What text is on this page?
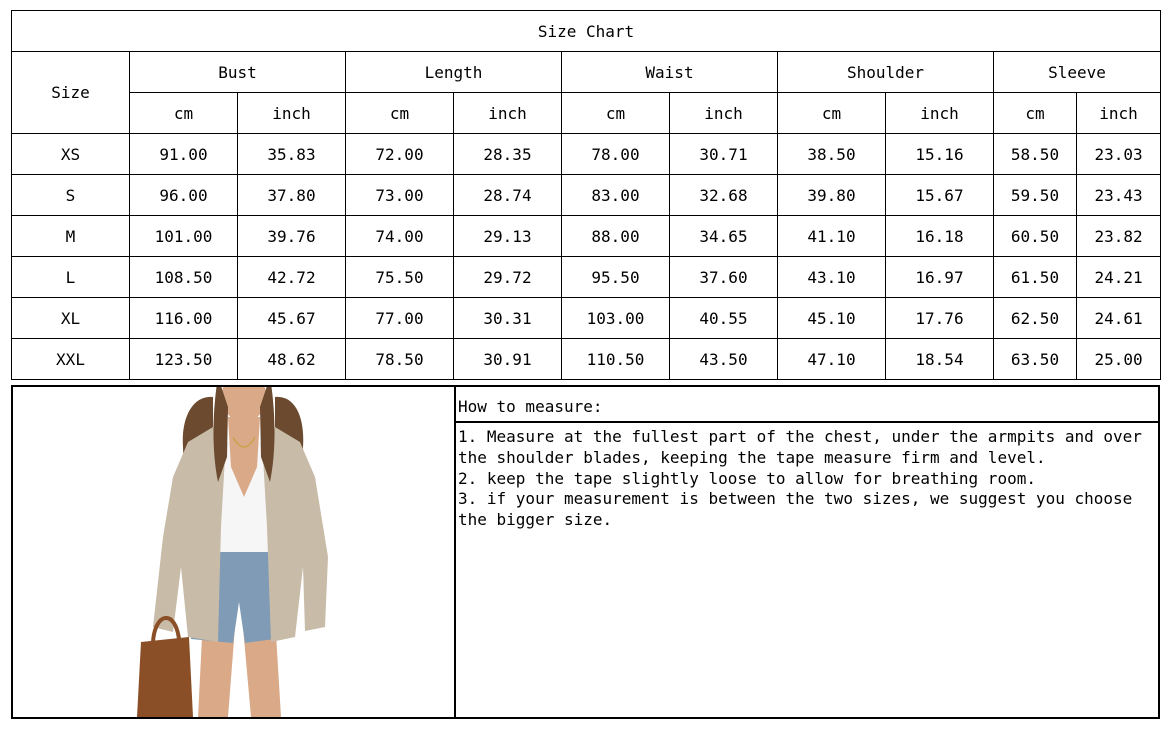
Size Chart										
Size	Bust		Length		Waist		Shoulder		Sleeve	
	cm	inch	cm	inch	cm	inch	cm	inch	cm	inch
XS	91.00	35.83	72.00	28.35	78.00	30.71	38.50	15.16	58.50	23.03
S	96.00	37.80	73.00	28.74	83.00	32.68	39.80	15.67	59.50	23.43
M	101.00	39.76	74.00	29.13	88.00	34.65	41.10	16.18	60.50	23.82
L	108.50	42.72	75.50	29.72	95.50	37.60	43.10	16.97	61.50	24.21
XL	116.00	45.67	77.00	30.31	103.00	40.55	45.10	17.76	62.50	24.61
XXL	123.50	48.62	78.50	30.91	110.50	43.50	47.10	18.54	63.50	25.00
How to measure:

1. Measure at the fullest part of the chest, under the armpits and over the shoulder blades, keeping the tape measure firm and level.

2. keep the tape slightly loose to allow for breathing room.

3. if your measurement is between the two sizes, we suggest you choose the bigger size.
